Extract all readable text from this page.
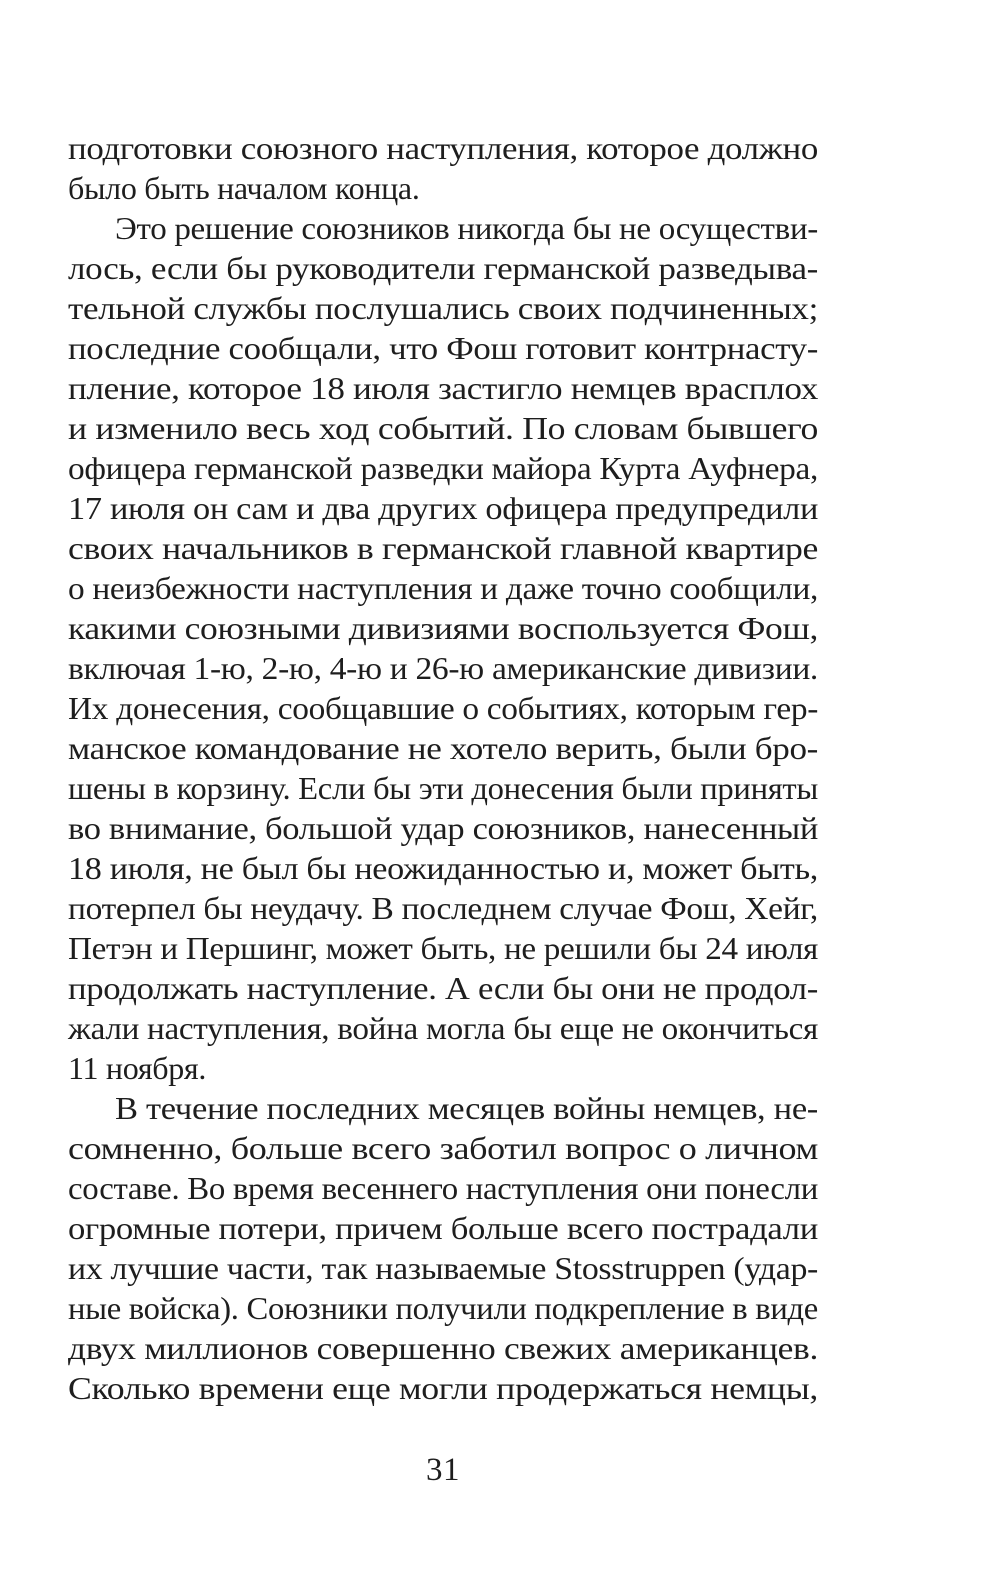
подготовки союзного наступления, которое должно
было быть началом конца.
Это решение союзников никогда бы не осуществи-
лось, если бы руководители германской разведыва-
тельной службы послушались своих подчиненных;
последние сообщали, что Фош готовит контрнасту-
пление, которое 18 июля застигло немцев врасплох
и изменило весь ход событий. По словам бывшего
офицера германской разведки майора Курта Ауфнера,
17 июля он сам и два других офицера предупредили
своих начальников в германской главной квартире
о неизбежности наступления и даже точно сообщили,
какими союзными дивизиями воспользуется Фош,
включая 1-ю, 2-ю, 4-ю и 26-ю американские дивизии.
Их донесения, сообщавшие о событиях, которым гер-
манское командование не хотело верить, были бро-
шены в корзину. Если бы эти донесения были приняты
во внимание, большой удар союзников, нанесенный
18 июля, не был бы неожиданностью и, может быть,
потерпел бы неудачу. В последнем случае Фош, Хейг,
Петэн и Першинг, может быть, не решили бы 24 июля
продолжать наступление. А если бы они не продол-
жали наступления, война могла бы еще не окончиться
11 ноября.
В течение последних месяцев войны немцев, не-
сомненно, больше всего заботил вопрос о личном
составе. Во время весеннего наступления они понесли
огромные потери, причем больше всего пострадали
их лучшие части, так называемые Stosstruppen (удар-
ные войска). Союзники получили подкрепление в виде
двух миллионов совершенно свежих американцев.
Сколько времени еще могли продержаться немцы,
31
